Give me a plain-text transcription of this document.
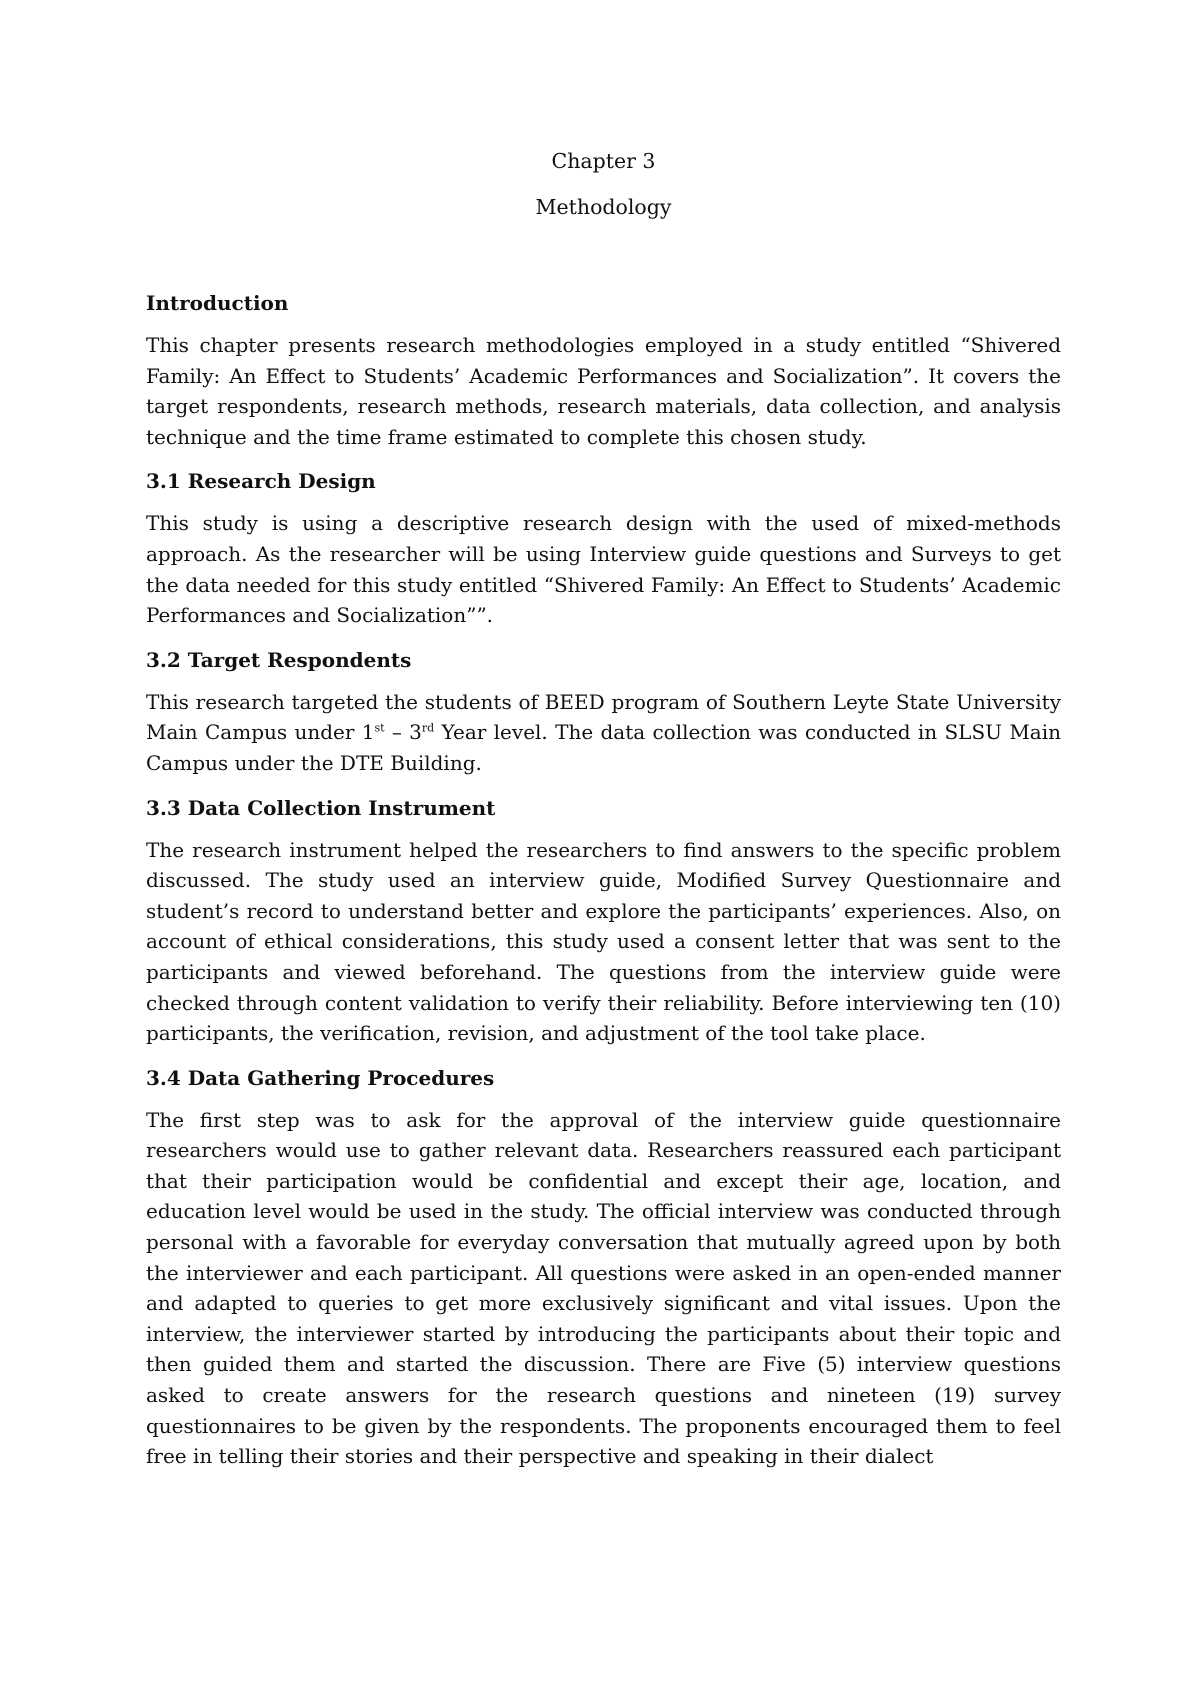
Chapter 3

Methodology

Introduction

This chapter presents research methodologies employed in a study entitled “Shivered Family: An Effect to Students’ Academic Performances and Socialization”. It covers the target respondents, research methods, research materials, data collection, and analysis technique and the time frame estimated to complete this chosen study.

3.1 Research Design

This study is using a descriptive research design with the used of mixed-methods approach. As the researcher will be using Interview guide questions and Surveys to get the data needed for this study entitled “Shivered Family: An Effect to Students’ Academic Performances and Socialization””.

3.2 Target Respondents

This research targeted the students of BEED program of Southern Leyte State University Main Campus under 1st – 3rd Year level. The data collection was conducted in SLSU Main Campus under the DTE Building.

3.3 Data Collection Instrument

The research instrument helped the researchers to find answers to the specific problem discussed. The study used an interview guide, Modified Survey Questionnaire and student’s record to understand better and explore the participants’ experiences. Also, on account of ethical considerations, this study used a consent letter that was sent to the participants and viewed beforehand. The questions from the interview guide were checked through content validation to verify their reliability. Before interviewing ten (10) participants, the verification, revision, and adjustment of the tool take place.

3.4 Data Gathering Procedures

The first step was to ask for the approval of the interview guide questionnaire researchers would use to gather relevant data. Researchers reassured each participant that their participation would be confidential and except their age, location, and education level would be used in the study. The official interview was conducted through personal with a favorable for everyday conversation that mutually agreed upon by both the interviewer and each participant. All questions were asked in an open-ended manner and adapted to queries to get more exclusively significant and vital issues. Upon the interview, the interviewer started by introducing the participants about their topic and then guided them and started the discussion. There are Five (5) interview questions asked to create answers for the research questions and nineteen (19) survey questionnaires to be given by the respondents. The proponents encouraged them to feel free in telling their stories and their perspective and speaking in their dialect
